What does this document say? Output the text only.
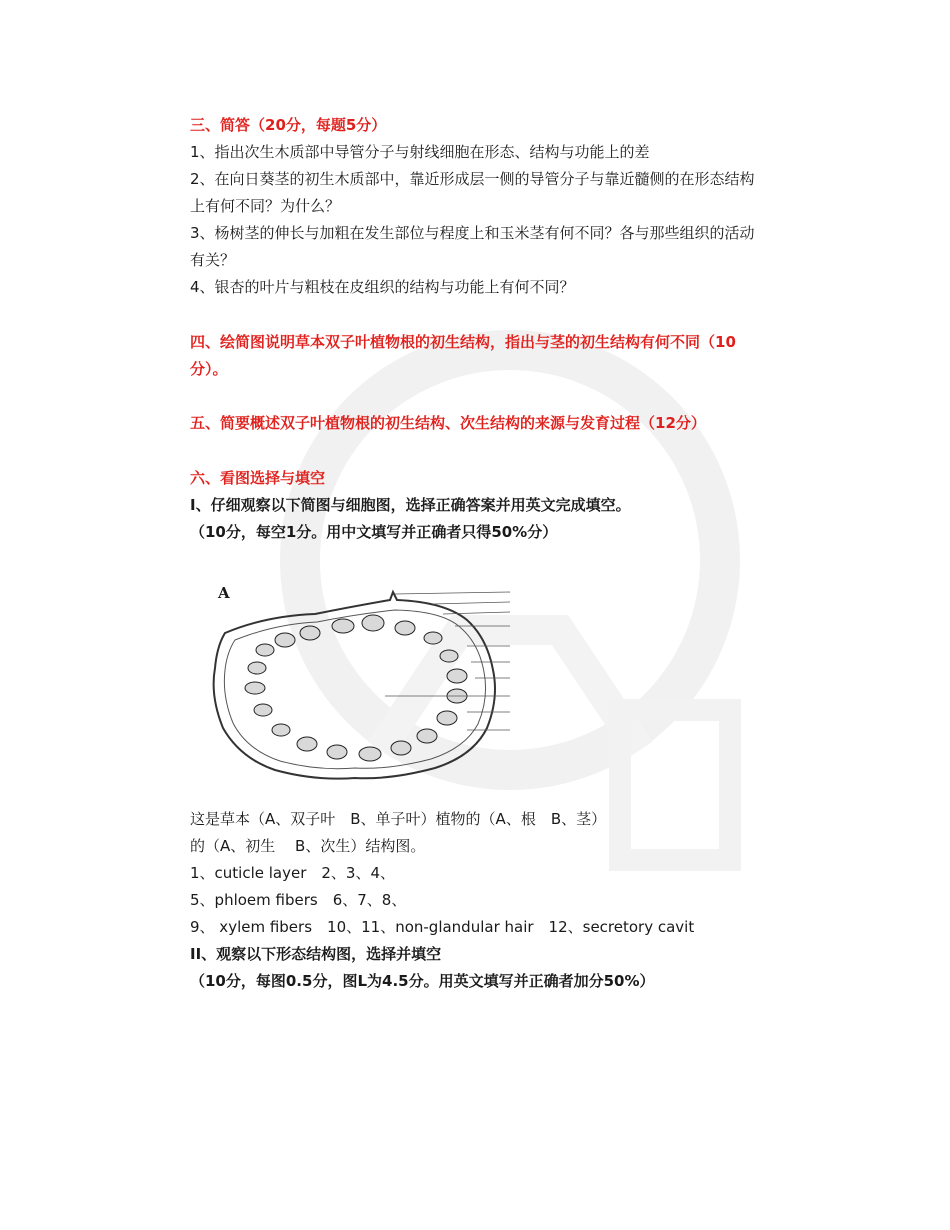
三、简答（20分，每题5分）
1、指出次生木质部中导管分子与射线细胞在形态、结构与功能上的差
2、在向日葵茎的初生木质部中，靠近形成层一侧的导管分子与靠近髓侧的在形态结构
上有何不同？为什么？
3、杨树茎的伸长与加粗在发生部位与程度上和玉米茎有何不同？各与那些组织的活动
有关？
4、银杏的叶片与粗枝在皮组织的结构与功能上有何不同？
四、绘简图说明草本双子叶植物根的初生结构，指出与茎的初生结构有何不同（10
分）。
五、简要概述双子叶植物根的初生结构、次生结构的来源与发育过程（12分）
六、看图选择与填空
Ⅰ、仔细观察以下简图与细胞图，选择正确答案并用英文完成填空。
（10分，每空1分。用中文填写并正确者只得50%分）
A
这是草本（A、双子叶　B、单子叶）植物的（A、根　B、茎）
的（A、初生　 B、次生）结构图。
1、cuticle layer　2、3、4、
5、phloem fibers　6、7、8、
9、 xylem fibers　10、11、non-glandular hair　12、secretory cavit
II、观察以下形态结构图，选择并填空
（10分，每图0.5分，图L为4.5分。用英文填写并正确者加分50%）
